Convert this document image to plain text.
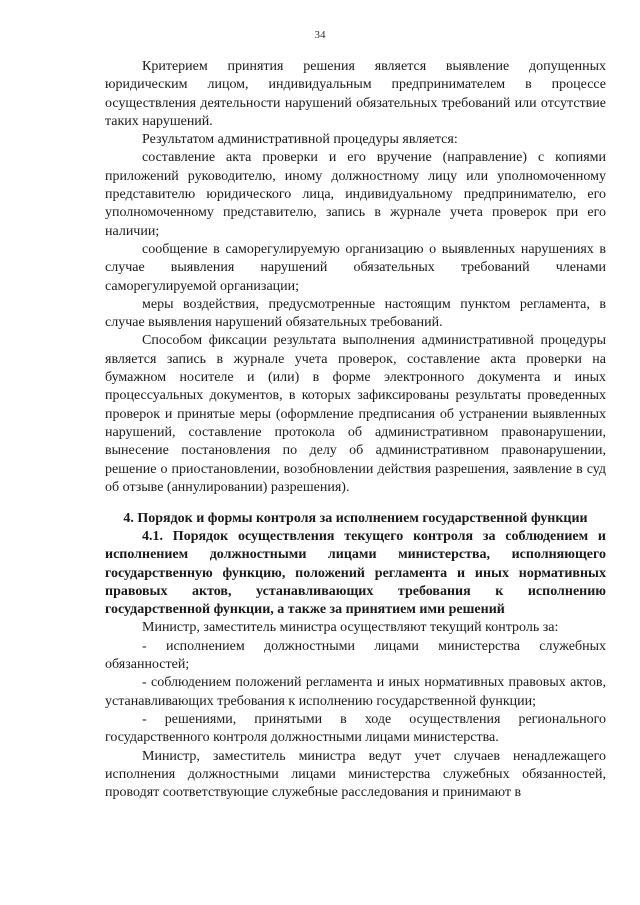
34

Критерием принятия решения является выявление допущенных юридическим лицом, индивидуальным предпринимателем в процессе осуществления деятельности нарушений обязательных требований или отсутствие таких нарушений.

Результатом административной процедуры является:

составление акта проверки и его вручение (направление) с копиями приложений руководителю, иному должностному лицу или уполномоченному представителю юридического лица, индивидуальному предпринимателю, его уполномоченному представителю, запись в журнале учета проверок при его наличии;

сообщение в саморегулируемую организацию о выявленных нарушениях в случае выявления нарушений обязательных требований членами саморегулируемой организации;

меры воздействия, предусмотренные настоящим пунктом регламента, в случае выявления нарушений обязательных требований.

Способом фиксации результата выполнения административной процедуры является запись в журнале учета проверок, составление акта проверки на бумажном носителе и (или) в форме электронного документа и иных процессуальных документов, в которых зафиксированы результаты проведенных проверок и принятые меры (оформление предписания об устранении выявленных нарушений, составление протокола об административном правонарушении, вынесение постановления по делу об административном правонарушении, решение о приостановлении, возобновлении действия разрешения, заявление в суд об отзыве (аннулировании) разрешения).

4. Порядок и формы контроля за исполнением государственной функции

4.1. Порядок осуществления текущего контроля за соблюдением и исполнением должностными лицами министерства, исполняющего государственную функцию, положений регламента и иных нормативных правовых актов, устанавливающих требования к исполнению государственной функции, а также за принятием ими решений

Министр, заместитель министра осуществляют текущий контроль за:

- исполнением должностными лицами министерства служебных обязанностей;

- соблюдением положений регламента и иных нормативных правовых актов, устанавливающих требования к исполнению государственной функции;

- решениями, принятыми в ходе осуществления регионального государственного контроля должностными лицами министерства.

Министр, заместитель министра ведут учет случаев ненадлежащего исполнения должностными лицами министерства служебных обязанностей, проводят соответствующие служебные расследования и принимают в
